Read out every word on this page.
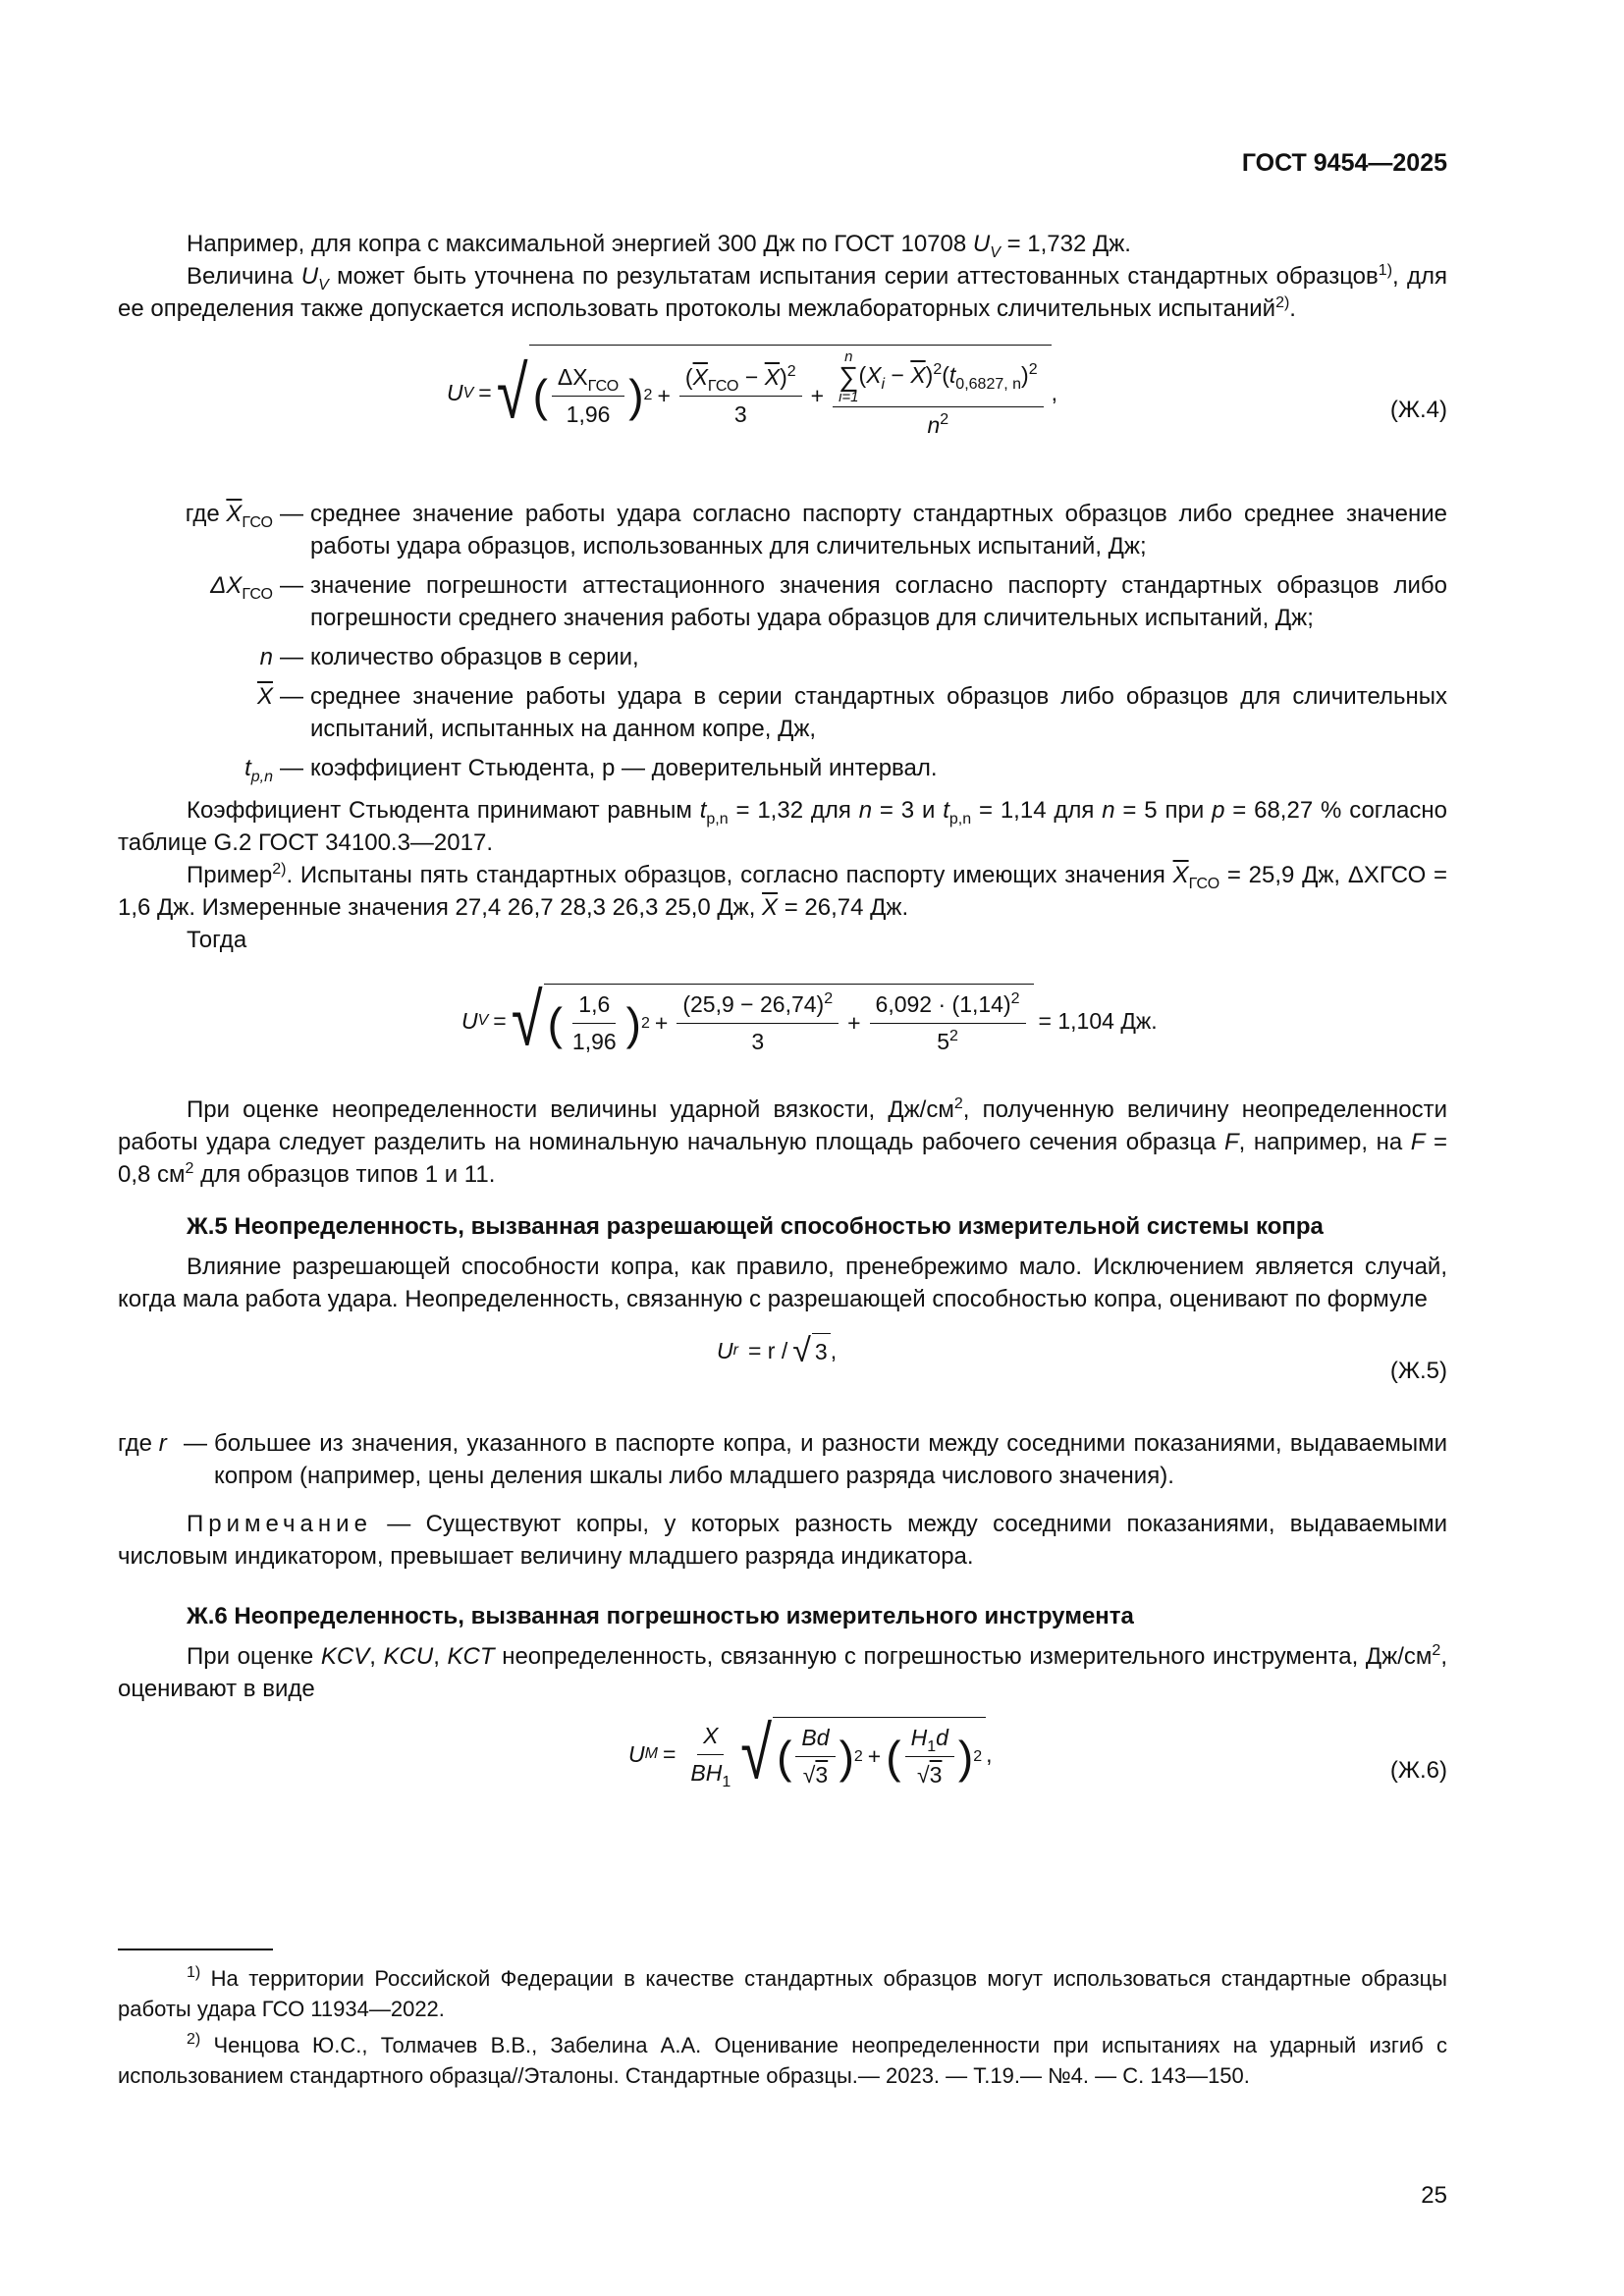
ГОСТ 9454—2025

Например, для копра с максимальной энергией 300 Дж по ГОСТ 10708 $U_V = 1,732$ Дж.

Величина $U_V$ может быть уточнена по результатам испытания серии аттестованных стандартных образцов$^{1)}$, для ее определения также допускается использовать протоколы межлабораторных сличительных испытаний$^{2)}$.

U V = √ ( $\frac{\Delta X_{ГСО}}{1,96}$ ) $2 + \frac{(\overline{X}_{ГСО} - \overline{X})^2}{3} + n$
∑
i=1
$(X_i - \overline{X})^2(t_{0,6827, n})^2$
$n^2$ ,
(Ж.4)
где $\overline{X}_{ГСО}$ — среднее значение работы удара согласно паспорту стандартных образцов либо среднее значение работы удара образцов, использованных для сличительных испытаний, Дж;
$\Delta X_{ГСО}$ — значение погрешности аттестационного значения согласно паспорту стандартных образцов либо погрешности среднего значения работы удара образцов для сличительных испытаний, Дж;
n — количество образцов в серии,
$\overline{X}$ — среднее значение работы удара в серии стандартных образцов либо образцов для сличительных испытаний, испытанных на данном копре, Дж,
$t_{p,n}$ — коэффициент Стьюдента, p — доверительный интервал.

Коэффициент Стьюдента принимают равным $t_{p,n} = 1,32$ для n = 3 и $t_{p,n} = 1,14$ для n = 5 при p = 68,27 % согласно таблице G.2 ГОСТ 34100.3—2017.

Пример$^{2)}$. Испытаны пять стандартных образцов, согласно паспорту имеющих значения $\overline{X}_{ГСО} = 25,9$ Дж, ΔXГСО = 1,6 Дж. Измеренные значения 27,4 26,7 28,3 26,3 25,0 Дж, $\overline{X} = 26,74$ Дж.

Тогда

U V = √ ( $\frac{1,6}{1,96}$ ) $2 + \frac{(25,9 - 26,74)^2}{3} + \frac{6,092 \cdot (1,14)^2}{5^2} = 1,104$ Дж.

При оценке неопределенности величины ударной вязкости, $Дж/см^2$, полученную величину неопределенности работы удара следует разделить на номинальную начальную площадь рабочего сечения образца F, например, на F = 0,8 $см^2$ для образцов типов 1 и 11.

Ж.5 Неопределенность, вызванная разрешающей способностью измерительной системы копра

Влияние разрешающей способности копра, как правило, пренебрежимо мало. Исключением является случай, когда мала работа удара. Неопределенность, связанную с разрешающей способностью копра, оценивают по формуле

U r = r / √ 3 ,
(Ж.5)
где r — большее из значения, указанного в паспорте копра, и разности между соседними показаниями, выдаваемыми копром (например, цены деления шкалы либо младшего разряда числового значения).

Примечание — Существуют копры, у которых разность между соседними показаниями, выдаваемыми числовым индикатором, превышает величину младшего разряда индикатора.

Ж.6 Неопределенность, вызванная погрешностью измерительного инструмента

При оценке KCV, KCU, KCT неопределенность, связанную с погрешностью измерительного инструмента, $Дж/см^2$, оценивают в виде

U $M = \frac{X}{BH_1}$ √ ( $\frac{Bd}{√3}$ ) 2 + ( $\frac{H_1d}{√3}$ ) 2 ,
(Ж.6)

$^{1)}$ На территории Российской Федерации в качестве стандартных образцов могут использоваться стандартные образцы работы удара ГСО 11934—2022.

$^{2)}$ Ченцова Ю.С., Толмачев В.В., Забелина А.А. Оценивание неопределенности при испытаниях на ударный изгиб с использованием стандартного образца//Эталоны. Стандартные образцы.— 2023. — Т.19.— №4. — С. 143—150.

25
